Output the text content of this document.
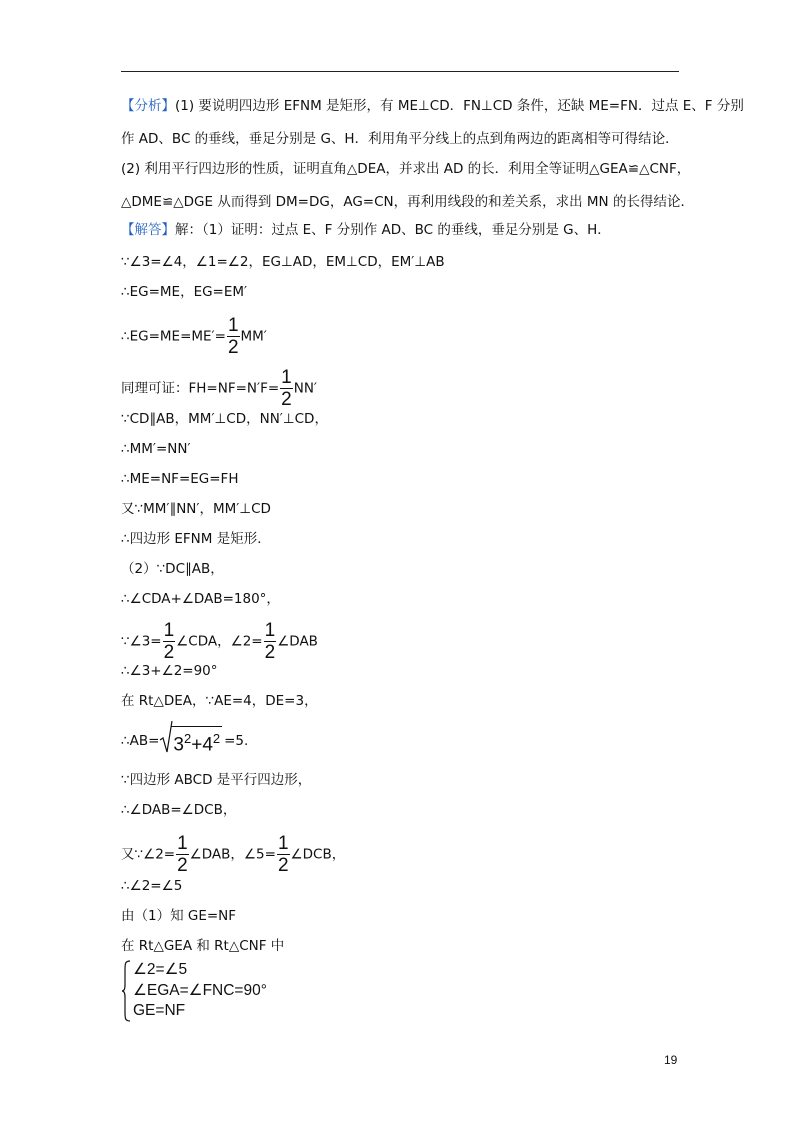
【分析】(1) 要说明四边形 EFNM 是矩形，有 ME⊥CD．FN⊥CD 条件，还缺 ME=FN．过点 E、F 分别
作 AD、BC 的垂线，垂足分别是 G、H．利用角平分线上的点到角两边的距离相等可得结论．
(2) 利用平行四边形的性质，证明直角△DEA，并求出 AD 的长．利用全等证明△GEA≌△CNF，
△DME≌△DGE 从而得到 DM=DG，AG=CN，再利用线段的和差关系，求出 MN 的长得结论．
【解答】解：（1）证明：过点 E、F 分别作 AD、BC 的垂线，垂足分别是 G、H．
∵∠3=∠4，∠1=∠2，EG⊥AD，EM⊥CD，EM′⊥AB
∴EG=ME，EG=EM′
∴EG=ME=ME′= $\frac{1}{2} MM'$
同理可证：$FH=NF=N'F= \frac{1}{2} NN'$
∵CD∥AB，MM′⊥CD，NN′⊥CD，
∴MM′=NN′
∴ME=NF=EG=FH
又∵MM′∥NN′，MM′⊥CD
∴四边形 EFNM 是矩形．
（2）∵DC∥AB，
∴∠CDA+∠DAB=180°，
∵∠3= $\frac{1}{2}$ ∠CDA，∠2= $\frac{1}{2}$ ∠DAB
∴∠3+∠2=90°
在 Rt△DEA，∵AE=4，DE=3，
∴AB= $3^2+4^2 =5$.
∵四边形 ABCD 是平行四边形，
∴∠DAB=∠DCB，
又∵∠2= $\frac{1}{2}$ ∠DAB，∠5= $\frac{1}{2}$ ∠DCB，
∴∠2=∠5
由（1）知 GE=NF
在 Rt△GEA 和 Rt△CNF 中
∠2=∠5
∠EGA=∠FNC=90°
GE=NF
19
